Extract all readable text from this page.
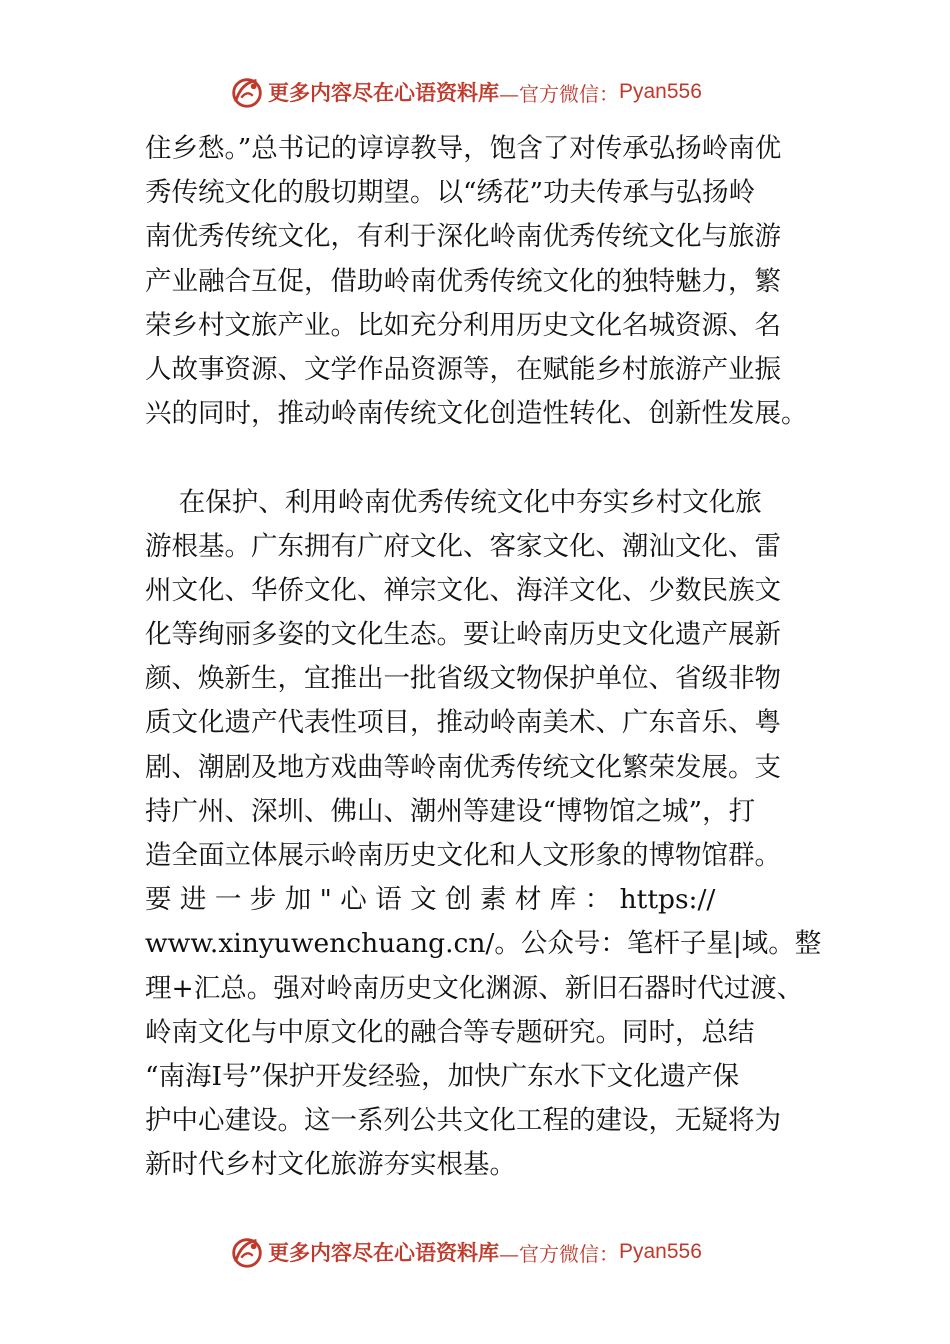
更多内容尽在心语资料库 —官方微信： Pyan556
住乡愁。”总书记的谆谆教导，饱含了对传承弘扬岭南优
秀传统文化的殷切期望。以“绣花”功夫传承与弘扬岭
南优秀传统文化，有利于深化岭南优秀传统文化与旅游
产业融合互促，借助岭南优秀传统文化的独特魅力，繁
荣乡村文旅产业。比如充分利用历史文化名城资源、名
人故事资源、文学作品资源等，在赋能乡村旅游产业振
兴的同时，推动岭南传统文化创造性转化、创新性发展。
在保护、利用岭南优秀传统文化中夯实乡村文化旅
游根基。广东拥有广府文化、客家文化、潮汕文化、雷
州文化、华侨文化、禅宗文化、海洋文化、少数民族文
化等绚丽多姿的文化生态。要让岭南历史文化遗产展新
颜、焕新生，宜推出一批省级文物保护单位、省级非物
质文化遗产代表性项目，推动岭南美术、广东音乐、粤
剧、潮剧及地方戏曲等岭南优秀传统文化繁荣发展。支
持广州、深圳、佛山、潮州等建设“博物馆之城”，打
造全面立体展示岭南历史文化和人文形象的博物馆群。
要 进 一 步 加 " 心 语 文 创 素 材 库 ： https://
www.xinyuwenchuang.cn/。公众号：笔杆子星|域。整
理+汇总。强对岭南历史文化渊源、新旧石器时代过渡、
岭南文化与中原文化的融合等专题研究。同时，总结
“南海Ⅰ号”保护开发经验，加快广东水下文化遗产保
护中心建设。这一系列公共文化工程的建设，无疑将为
新时代乡村文化旅游夯实根基。
更多内容尽在心语资料库 —官方微信： Pyan556
